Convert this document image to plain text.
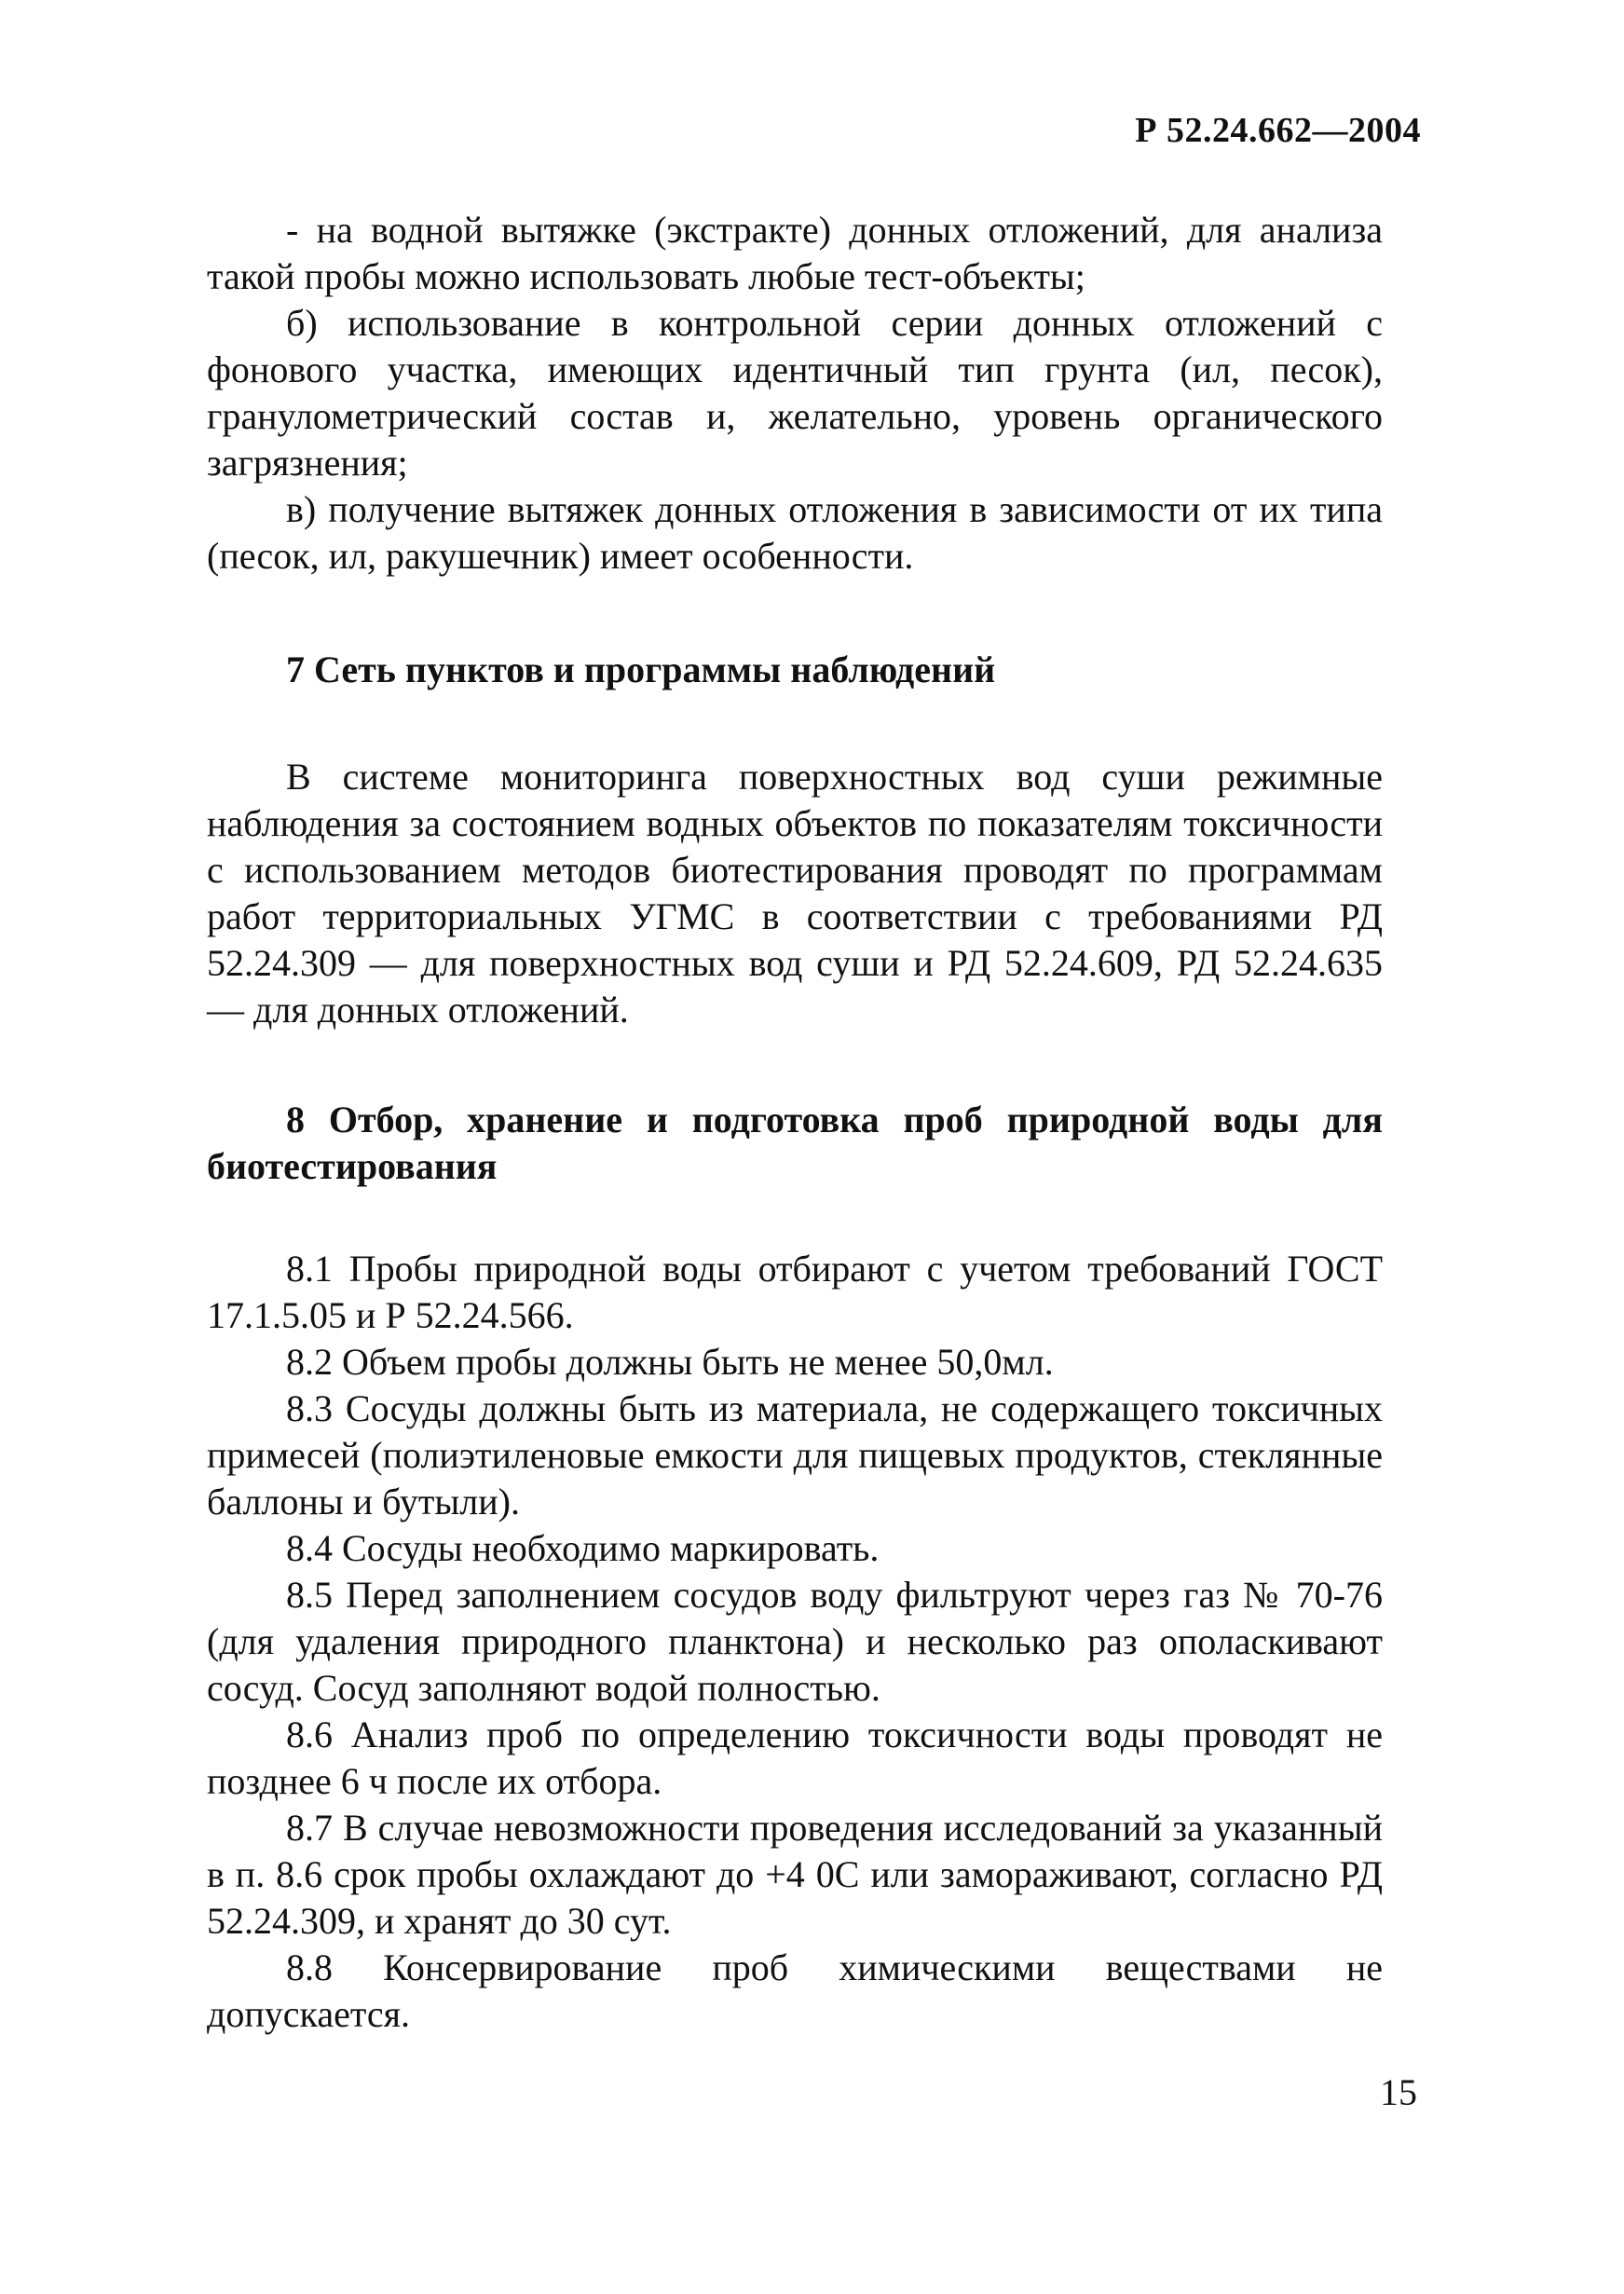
Р 52.24.662—2004

- на водной вытяжке (экстракте) донных отложений, для анализа такой пробы можно использовать любые тест-объекты;

б) использование в контрольной серии донных отложений с фонового участка, имеющих идентичный тип грунта (ил, песок), гранулометрический состав и, желательно, уровень органического загрязнения;

в) получение вытяжек донных отложения в зависимости от их типа (песок, ил, ракушечник) имеет особенности.

7 Сеть пунктов и программы наблюдений

В системе мониторинга поверхностных вод суши режимные наблюдения за состоянием водных объектов по показателям токсичности с использованием методов биотестирования проводят по программам работ территориальных УГМС в соответствии с требованиями РД 52.24.309 — для поверхностных вод суши и РД 52.24.609, РД 52.24.635 — для донных отложений.

8 Отбор, хранение и подготовка проб природной воды для биотестирования

8.1 Пробы природной воды отбирают с учетом требований ГОСТ 17.1.5.05 и Р 52.24.566.

8.2 Объем пробы должны быть не менее 50,0мл.

8.3 Сосуды должны быть из материала, не содержащего токсичных примесей (полиэтиленовые емкости для пищевых продуктов, стеклянные баллоны и бутыли).

8.4 Сосуды необходимо маркировать.

8.5 Перед заполнением сосудов воду фильтруют через газ № 70-76 (для удаления природного планктона) и несколько раз ополаскивают сосуд. Сосуд заполняют водой полностью.

8.6 Анализ проб по определению токсичности воды проводят не позднее 6 ч после их отбора.

8.7 В случае невозможности проведения исследований за указанный в п. 8.6 срок пробы охлаждают до +4 0С или замораживают, согласно РД 52.24.309, и хранят до 30 сут.

8.8 Консервирование проб химическими веществами не допускается.

15
